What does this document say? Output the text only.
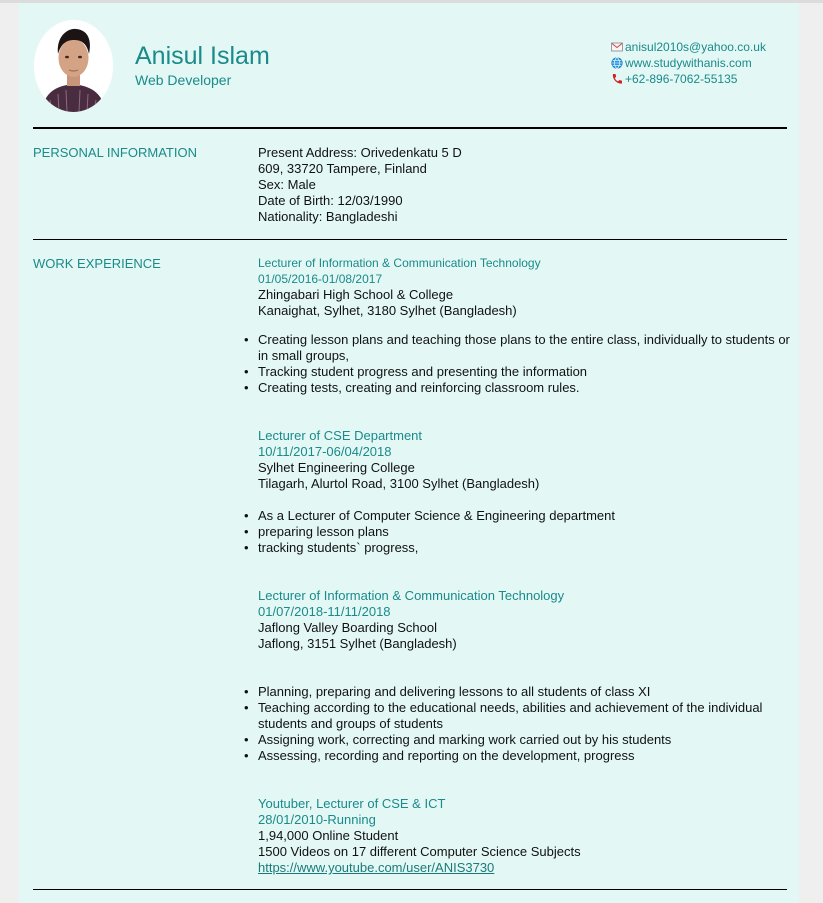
Anisul Islam
Web Developer
anisul2010s@yahoo.co.uk
www.studywithanis.com
+62-896-7062-55135
PERSONAL INFORMATION	Present Address: Orivedenkatu 5 D
609, 33720 Tampere, Finland
Sex: Male
Date of Birth: 12/03/1990
Nationality: Bangladeshi
WORK EXPERIENCE	Lecturer of Information & Communication Technology
01/05/2016-01/08/2017
Zhingabari High School & College
Kanaighat, Sylhet, 3180 Sylhet (Bangladesh)
• Creating lesson plans and teaching those plans to the entire class, individually to students or in small groups,
• Tracking student progress and presenting the information
• Creating tests, creating and reinforcing classroom rules.
Lecturer of CSE Department
10/11/2017-06/04/2018
Sylhet Engineering College
Tilagarh, Alurtol Road, 3100 Sylhet (Bangladesh)
• As a Lecturer of Computer Science & Engineering department
• preparing lesson plans
• tracking students` progress,
Lecturer of Information & Communication Technology
01/07/2018-11/11/2018
Jaflong Valley Boarding School
Jaflong, 3151 Sylhet (Bangladesh)
• Planning, preparing and delivering lessons to all students of class XI
• Teaching according to the educational needs, abilities and achievement of the individual students and groups of students
• Assigning work, correcting and marking work carried out by his students
• Assessing, recording and reporting on the development, progress
Youtuber, Lecturer of CSE & ICT
28/01/2010-Running
1,94,000 Online Student
1500 Videos on 17 different Computer Science Subjects
https://www.youtube.com/user/ANIS3730
